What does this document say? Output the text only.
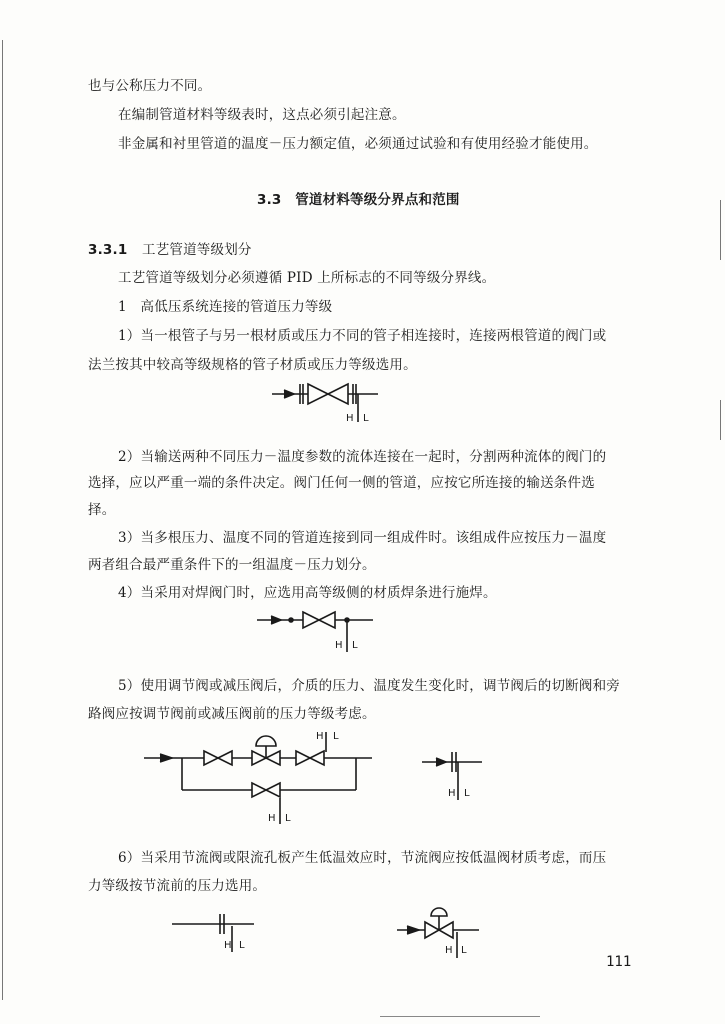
也与公称压力不同。
在编制管道材料等级表时，这点必须引起注意。
非金属和衬里管道的温度－压力额定值，必须通过试验和有使用经验才能使用。
3.3　管道材料等级分界点和范围
3.3.1 工艺管道等级划分
工艺管道等级划分必须遵循 PID 上所标志的不同等级分界线。
1　高低压系统连接的管道压力等级
1）当一根管子与另一根材质或压力不同的管子相连接时，连接两根管道的阀门或
法兰按其中较高等级规格的管子材质或压力等级选用。
2）当输送两种不同压力－温度参数的流体连接在一起时，分割两种流体的阀门的
选择，应以严重一端的条件决定。阀门任何一侧的管道，应按它所连接的输送条件选
择。
3）当多根压力、温度不同的管道连接到同一组成件时。该组成件应按压力－温度
两者组合最严重条件下的一组温度－压力划分。
4）当采用对焊阀门时，应选用高等级侧的材质焊条进行施焊。
5）使用调节阀或减压阀后，介质的压力、温度发生变化时，调节阀后的切断阀和旁
路阀应按调节阀前或减压阀前的压力等级考虑。
6）当采用节流阀或限流孔板产生低温效应时，节流阀应按低温阀材质考虑，而压
力等级按节流前的压力选用。
111
H L
H L
H L
H L
H L
H L	H L
